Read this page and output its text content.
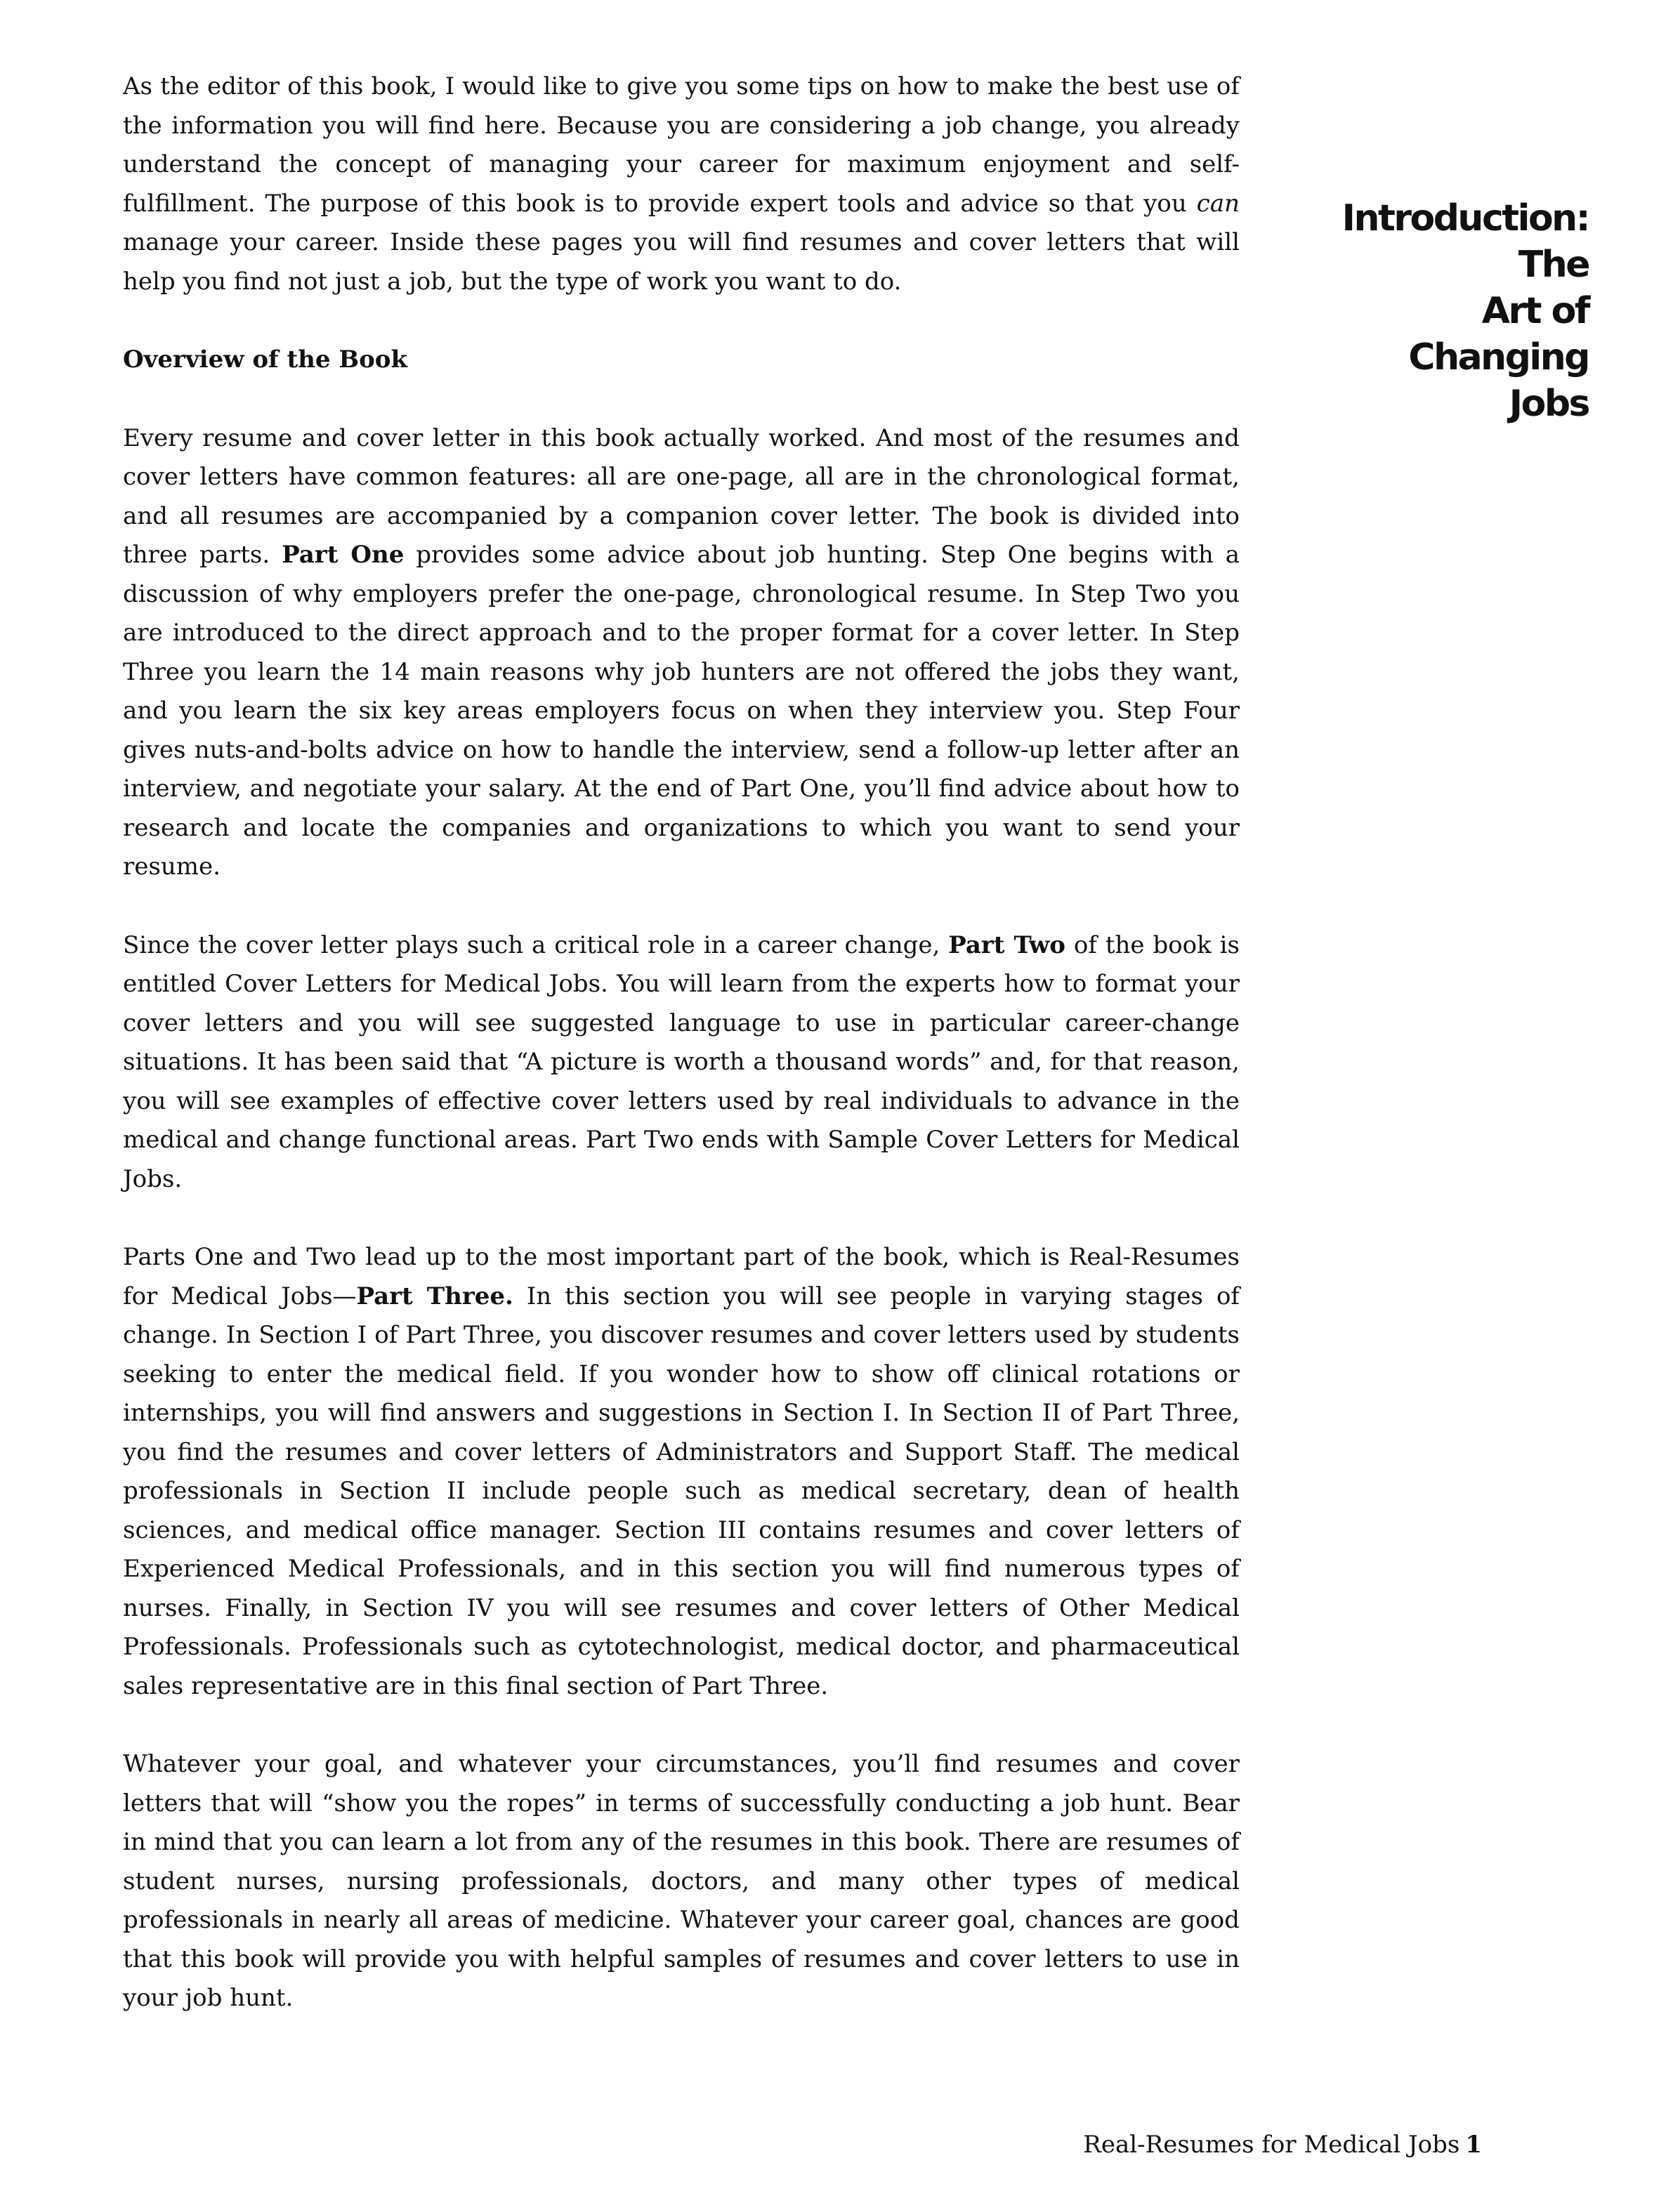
As the editor of this book, I would like to give you some tips on how to make the best use of the information you will find here. Because you are considering a job change, you already understand the concept of managing your career for maximum enjoyment and self-fulfillment. The purpose of this book is to provide expert tools and advice so that you can manage your career. Inside these pages you will find resumes and cover letters that will help you find not just a job, but the type of work you want to do.

Overview of the Book

Every resume and cover letter in this book actually worked. And most of the resumes and cover letters have common features: all are one-page, all are in the chronological format, and all resumes are accompanied by a companion cover letter. The book is divided into three parts. Part One provides some advice about job hunting. Step One begins with a discussion of why employers prefer the one-page, chronological resume. In Step Two you are introduced to the direct approach and to the proper format for a cover letter. In Step Three you learn the 14 main reasons why job hunters are not offered the jobs they want, and you learn the six key areas employers focus on when they interview you. Step Four gives nuts-and-bolts advice on how to handle the interview, send a follow-up letter after an interview, and negotiate your salary. At the end of Part One, you’ll find advice about how to research and locate the companies and organizations to which you want to send your resume.

Since the cover letter plays such a critical role in a career change, Part Two of the book is entitled Cover Letters for Medical Jobs. You will learn from the experts how to format your cover letters and you will see suggested language to use in particular career-change situations. It has been said that “A picture is worth a thousand words” and, for that reason, you will see examples of effective cover letters used by real individuals to advance in the medical and change functional areas. Part Two ends with Sample Cover Letters for Medical Jobs.

Parts One and Two lead up to the most important part of the book, which is Real-Resumes for Medical Jobs—Part Three. In this section you will see people in varying stages of change. In Section I of Part Three, you discover resumes and cover letters used by students seeking to enter the medical field. If you wonder how to show off clinical rotations or internships, you will find answers and suggestions in Section I. In Section II of Part Three, you find the resumes and cover letters of Administrators and Support Staff. The medical professionals in Section II include people such as medical secretary, dean of health sciences, and medical office manager. Section III contains resumes and cover letters of Experienced Medical Professionals, and in this section you will find numerous types of nurses. Finally, in Section IV you will see resumes and cover letters of Other Medical Professionals. Professionals such as cytotechnologist, medical doctor, and pharmaceutical sales representative are in this final section of Part Three.

Whatever your goal, and whatever your circumstances, you’ll find resumes and cover letters that will “show you the ropes” in terms of successfully conducting a job hunt. Bear in mind that you can learn a lot from any of the resumes in this book. There are resumes of student nurses, nursing professionals, doctors, and many other types of medical professionals in nearly all areas of medicine. Whatever your career goal, chances are good that this book will provide you with helpful samples of resumes and cover letters to use in your job hunt.

Introduction: The
Art of
Changing
Jobs
Real-Resumes for Medical Jobs 1
